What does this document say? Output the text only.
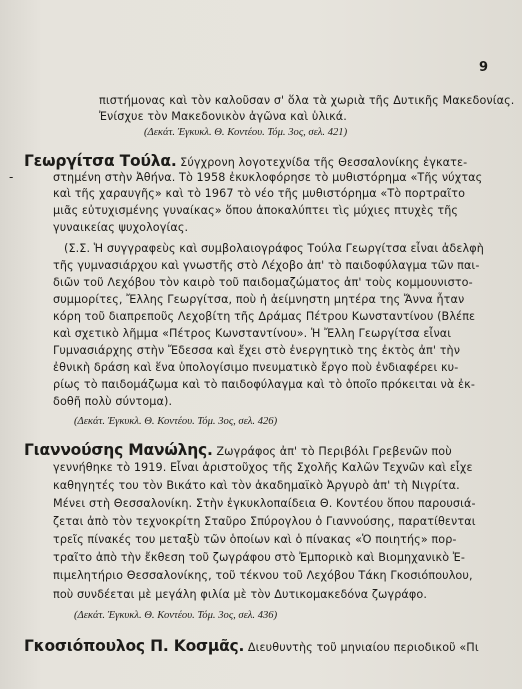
9
-
πιστήμονας καὶ τὸν καλοῦσαν σ' ὅλα τὰ χωριὰ τῆς Δυτικῆς Μακεδονίας.
Ἐνίσχυε τὸν Μακεδονικὸν ἀγῶνα καὶ ὑλικά.
(Δεκάτ. Ἐγκυκλ. Θ. Κοντέου. Τόμ. 3ος, σελ. 421)
Γεωργίτσα Τούλα. Σύγχρονη λογοτεχνίδα τῆς Θεσσαλονίκης ἐγκατε-
στημένη στὴν Ἀθήνα. Τὸ 1958 ἐκυκλοφόρησε τὸ μυθιστόρημα «Τῆς νύχτας
καὶ τῆς χαραυγῆς» καὶ τὸ 1967 τὸ νέο τῆς μυθιστόρημα «Τὸ πορτραῖτο
μιᾶς εὐτυχισμένης γυναίκας» ὅπου ἀποκαλύπτει τὶς μύχιες πτυχὲς τῆς
γυναικείας ψυχολογίας.
(Σ.Σ. Ἡ συγγραφεὺς καὶ συμβολαιογράφος Τούλα Γεωργίτσα εἶναι ἀδελφὴ
τῆς γυμνασιάρχου καὶ γνωστῆς στὸ Λέχοβο ἀπ' τὸ παιδοφύλαγμα τῶν παι-
διῶν τοῦ Λεχόβου τὸν καιρὸ τοῦ παιδομαζώματος ἀπ' τοὺς κομμουνιστο-
συμμορίτες, Ἔλλης Γεωργίτσα, ποὺ ἡ ἀείμνηστη μητέρα της Ἄννα ἦταν
κόρη τοῦ διαπρεποῦς Λεχοβίτη τῆς Δράμας Πέτρου Κωνσταντίνου (Βλέπε
καὶ σχετικὸ λῆμμα «Πέτρος Κωνσταντίνου». Ἡ Ἔλλη Γεωργίτσα εἶναι
Γυμνασιάρχης στὴν Ἔδεσσα καὶ ἔχει στὸ ἐνεργητικὸ της ἐκτὸς ἀπ' τὴν
ἐθνικὴ δράση καὶ ἕνα ὑπολογίσιμο πνευματικὸ ἔργο ποὺ ἐνδιαφέρει κυ-
ρίως τὸ παιδομάζωμα καὶ τὸ παιδοφύλαγμα καὶ τὸ ὁποῖο πρόκειται νὰ ἐκ-
δοθῆ πολὺ σύντομα).
(Δεκάτ. Ἐγκυκλ. Θ. Κοντέου. Τόμ. 3ος, σελ. 426)
Γιαννούσης Μανώλης. Ζωγράφος ἀπ' τὸ Περιβόλι Γρεβενῶν ποὺ
γεννήθηκε τὸ 1919. Εἶναι ἀριστοῦχος τῆς Σχολῆς Καλῶν Τεχνῶν καὶ εἶχε
καθηγητές του τὸν Βικάτο καὶ τὸν ἀκαδημαϊκὸ Ἀργυρὸ ἀπ' τὴ Νιγρίτα.
Μένει στὴ Θεσσαλονίκη. Στὴν ἐγκυκλοπαίδεια Θ. Κοντέου ὅπου παρουσιά-
ζεται ἀπὸ τὸν τεχνοκρίτη Σταῦρο Σπύρογλου ὁ Γιαννούσης, παρατίθενται
τρεῖς πίνακές του μεταξὺ τῶν ὁποίων καὶ ὁ πίνακας «Ὁ ποιητής» πορ-
τραῖτο ἀπὸ τὴν ἔκθεση τοῦ ζωγράφου στὸ Ἐμπορικὸ καὶ Βιομηχανικὸ Ἐ-
πιμελητήριο Θεσσαλονίκης, τοῦ τέκνου τοῦ Λεχόβου Τάκη Γκοσιόπουλου,
ποὺ συνδέεται μὲ μεγάλη φιλία μὲ τὸν Δυτικομακεδόνα ζωγράφο.
(Δεκάτ. Ἐγκυκλ. Θ. Κοντέου. Τόμ. 3ος, σελ. 436)
Γκοσιόπουλος Π. Κοσμᾶς. Διευθυντὴς τοῦ μηνιαίου περιοδικοῦ «Πι
